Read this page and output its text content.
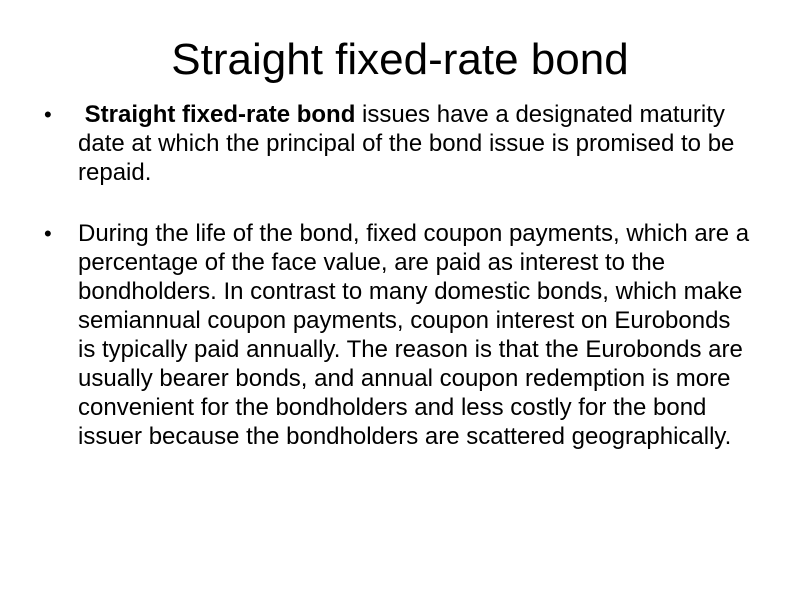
Straight fixed-rate bond
•	Straight fixed-rate bond issues have a designated maturity date at which the principal of the bond issue is promised to be repaid.
•	During the life of the bond, fixed coupon payments, which are a percentage of the face value, are paid as interest to the bondholders. In contrast to many domestic bonds, which make semiannual coupon payments, coupon interest on Eurobonds is typically paid annually. The reason is that the Eurobonds are usually bearer bonds, and annual coupon redemption is more convenient for the bondholders and less costly for the bond issuer because the bondholders are scattered geographically.
